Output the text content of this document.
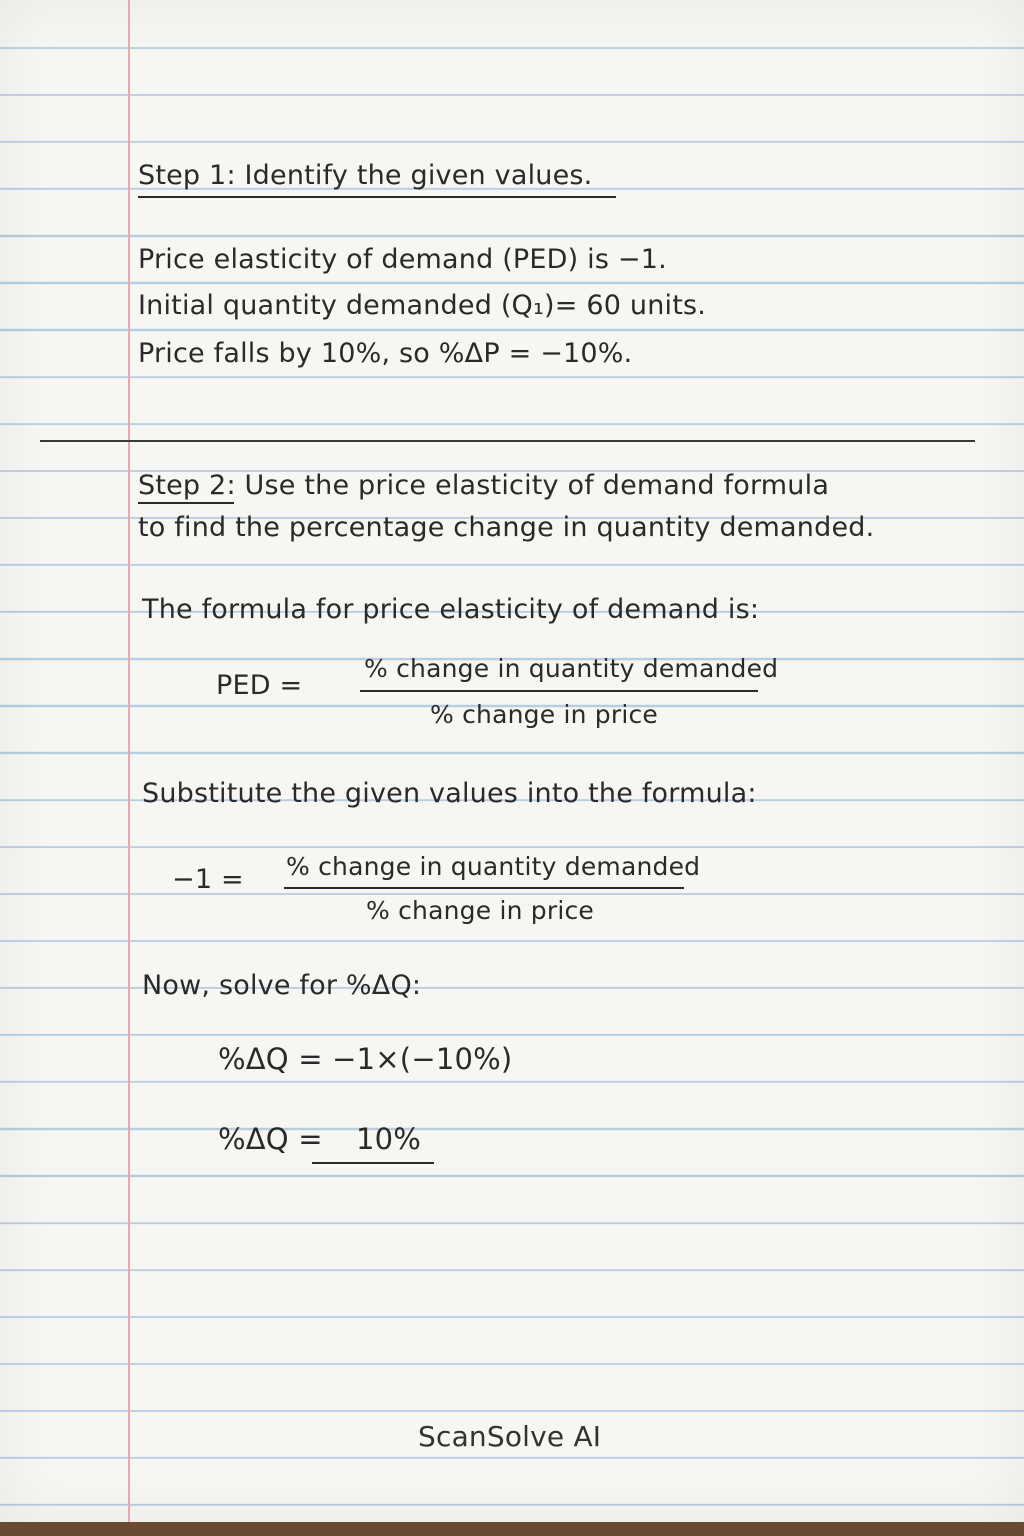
Step 1: Identify the given values.
Price elasticity of demand (PED) is −1.
Initial quantity demanded (Q₁)= 60 units.
Price falls by 10%, so %ΔP = −10%.
Step 2: Use the price elasticity of demand formula
to find the percentage change in quantity demanded.
The formula for price elasticity of demand is:
PED =
% change in quantity demanded
% change in price
Substitute the given values into the formula:
−1 = % change in quantity demanded
% change in price
Now, solve for %ΔQ:
%ΔQ = −1×(−10%)
%ΔQ = 10%
ScanSolve AI
